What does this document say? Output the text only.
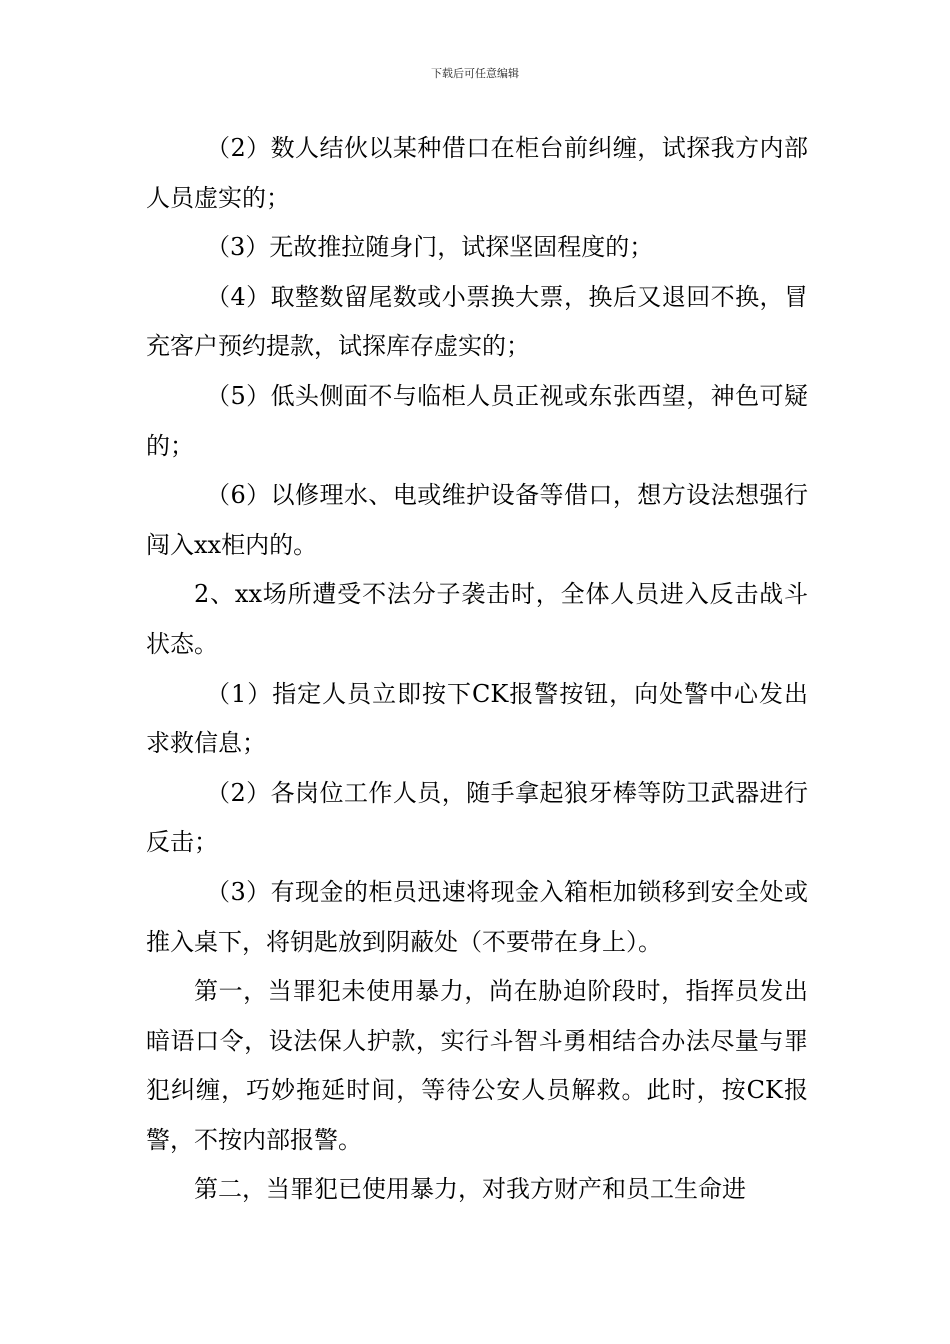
下载后可任意编辑

（2）数人结伙以某种借口在柜台前纠缠，试探我方内部人员虚实的；

（3）无故推拉随身门，试探坚固程度的；

（4）取整数留尾数或小票换大票，换后又退回不换，冒充客户预约提款，试探库存虚实的；

（5）低头侧面不与临柜人员正视或东张西望，神色可疑的；

（6）以修理水、电或维护设备等借口，想方设法想强行闯入xx柜内的。

2、xx场所遭受不法分子袭击时，全体人员进入反击战斗状态。

（1）指定人员立即按下CK报警按钮，向处警中心发出求救信息；

（2）各岗位工作人员，随手拿起狼牙棒等防卫武器进行反击；

（3）有现金的柜员迅速将现金入箱柜加锁移到安全处或推入桌下，将钥匙放到阴蔽处（不要带在身上）。

第一，当罪犯未使用暴力，尚在胁迫阶段时，指挥员发出暗语口令，设法保人护款，实行斗智斗勇相结合办法尽量与罪犯纠缠，巧妙拖延时间，等待公安人员解救。此时，按CK报警，不按内部报警。

第二，当罪犯已使用暴力，对我方财产和员工生命进
